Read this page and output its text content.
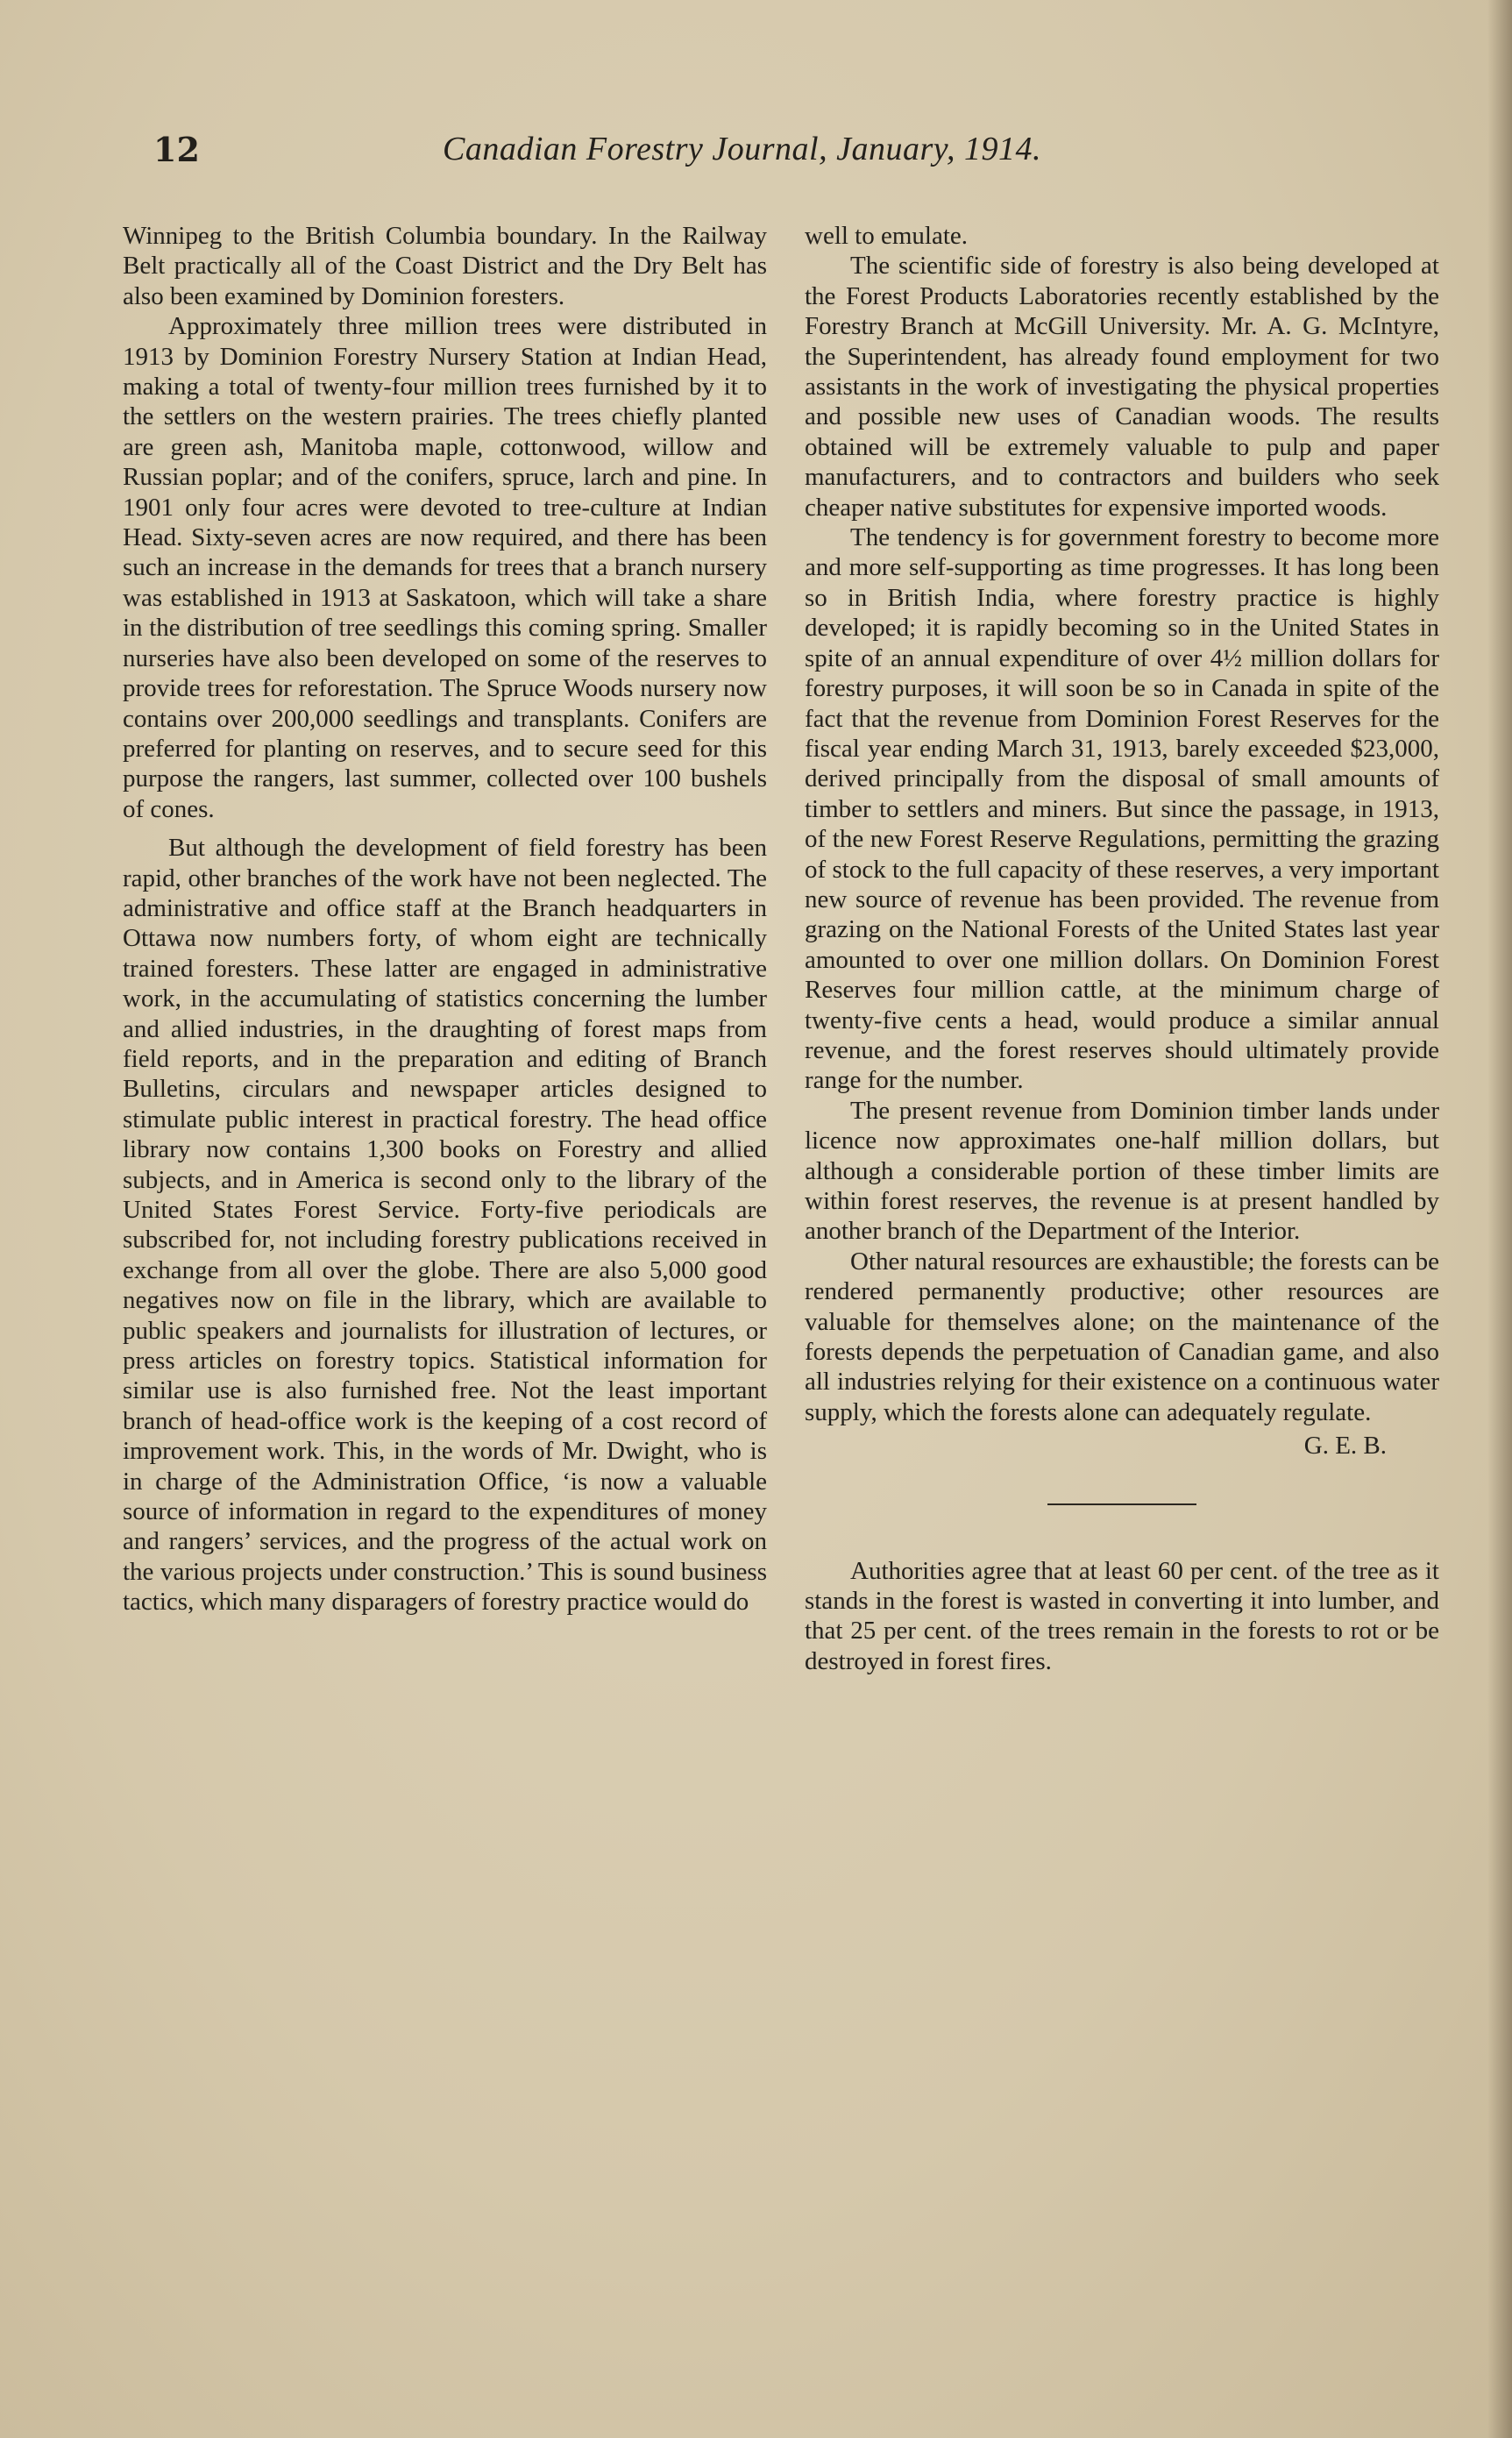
12	Canadian Forestry Journal, January, 1914.

Winnipeg to the British Columbia boundary. In the Railway Belt practically all of the Coast District and the Dry Belt has also been examined by Dominion foresters.

Approximately three million trees were distributed in 1913 by Dominion Forestry Nursery Station at Indian Head, making a total of twenty-four million trees furnished by it to the settlers on the western prairies. The trees chiefly planted are green ash, Manitoba maple, cottonwood, willow and Russian poplar; and of the conifers, spruce, larch and pine. In 1901 only four acres were devoted to tree-culture at Indian Head. Sixty-seven acres are now required, and there has been such an increase in the demands for trees that a branch nursery was established in 1913 at Saskatoon, which will take a share in the distribution of tree seedlings this coming spring. Smaller nurseries have also been developed on some of the reserves to provide trees for reforestation. The Spruce Woods nursery now contains over 200,000 seedlings and transplants. Conifers are preferred for planting on reserves, and to secure seed for this purpose the rangers, last summer, collected over 100 bushels of cones.

But although the development of field forestry has been rapid, other branches of the work have not been neglected. The administrative and office staff at the Branch headquarters in Ottawa now numbers forty, of whom eight are technically trained foresters. These latter are engaged in administrative work, in the accumulating of statistics concerning the lumber and allied industries, in the draughting of forest maps from field reports, and in the preparation and editing of Branch Bulletins, circulars and newspaper articles designed to stimulate public interest in practical forestry. The head office library now contains 1,300 books on Forestry and allied subjects, and in America is second only to the library of the United States Forest Service. Forty-five periodicals are subscribed for, not including forestry publications received in exchange from all over the globe. There are also 5,000 good negatives now on file in the library, which are available to public speakers and journalists for illustration of lectures, or press articles on forestry topics. Statistical information for similar use is also furnished free. Not the least important branch of head-office work is the keeping of a cost record of improvement work. This, in the words of Mr. Dwight, who is in charge of the Administration Office, ‘is now a valuable source of information in regard to the expenditures of money and rangers’ services, and the progress of the actual work on the various projects under construction.’ This is sound business tactics, which many disparagers of forestry practice would do

well to emulate.

The scientific side of forestry is also being developed at the Forest Products Laboratories recently established by the Forestry Branch at McGill University. Mr. A. G. McIntyre, the Superintendent, has already found employment for two assistants in the work of investigating the physical properties and possible new uses of Canadian woods. The results obtained will be extremely valuable to pulp and paper manufacturers, and to contractors and builders who seek cheaper native substitutes for expensive imported woods.

The tendency is for government forestry to become more and more self-supporting as time progresses. It has long been so in British India, where forestry practice is highly developed; it is rapidly becoming so in the United States in spite of an annual expenditure of over 4½ million dollars for forestry purposes, it will soon be so in Canada in spite of the fact that the revenue from Dominion Forest Reserves for the fiscal year ending March 31, 1913, barely exceeded $23,000, derived principally from the disposal of small amounts of timber to settlers and miners. But since the passage, in 1913, of the new Forest Reserve Regulations, permitting the grazing of stock to the full capacity of these reserves, a very important new source of revenue has been provided. The revenue from grazing on the National Forests of the United States last year amounted to over one million dollars. On Dominion Forest Reserves four million cattle, at the minimum charge of twenty-five cents a head, would produce a similar annual revenue, and the forest reserves should ultimately provide range for the number.

The present revenue from Dominion timber lands under licence now approximates one-half million dollars, but although a considerable portion of these timber limits are within forest reserves, the revenue is at present handled by another branch of the Department of the Interior.

Other natural resources are exhaustible; the forests can be rendered permanently productive; other resources are valuable for themselves alone; on the maintenance of the forests depends the perpetuation of Canadian game, and also all industries relying for their existence on a continuous water supply, which the forests alone can adequately regulate.

G. E. B.

Authorities agree that at least 60 per cent. of the tree as it stands in the forest is wasted in converting it into lumber, and that 25 per cent. of the trees remain in the forests to rot or be destroyed in forest fires.
